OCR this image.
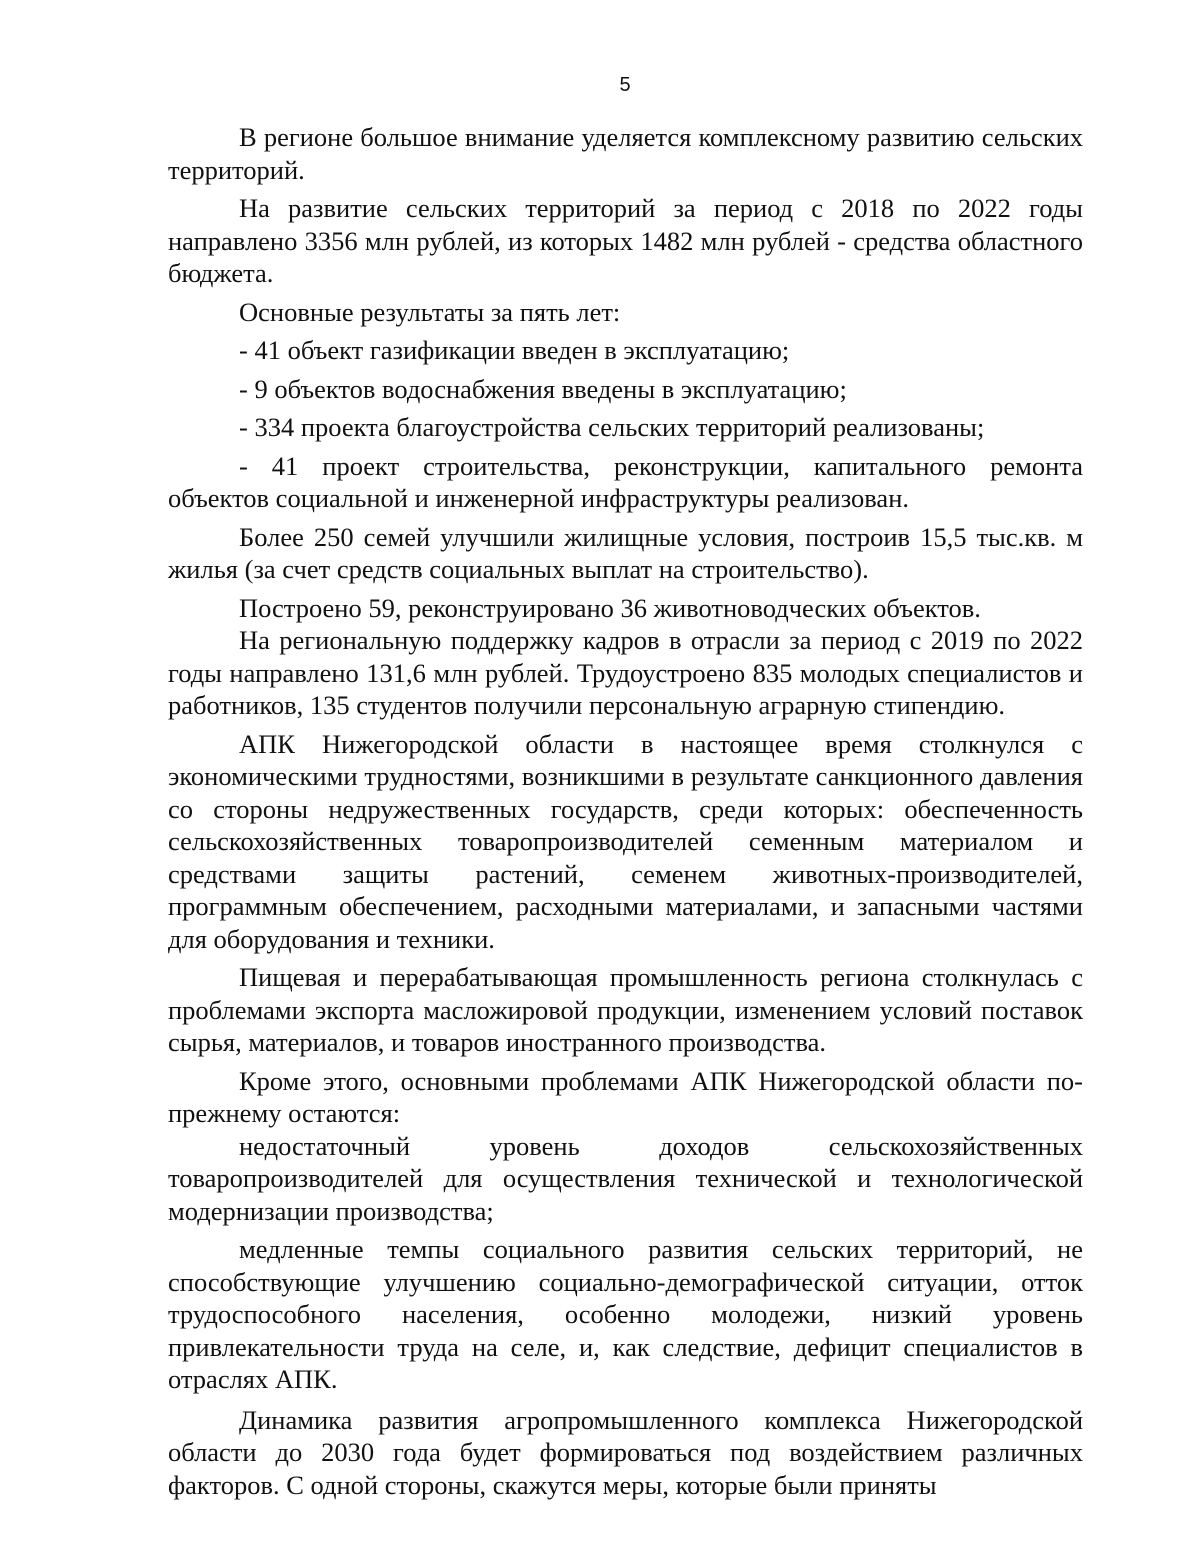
5

В регионе большое внимание уделяется комплексному развитию сельских территорий.

На развитие сельских территорий за период с 2018 по 2022 годы направлено 3356 млн рублей, из которых 1482 млн рублей - средства областного бюджета.

Основные результаты за пять лет:

- 41 объект газификации введен в эксплуатацию;

- 9 объектов водоснабжения введены в эксплуатацию;

- 334 проекта благоустройства сельских территорий реализованы;

- 41 проект строительства, реконструкции, капитального ремонта объектов социальной и инженерной инфраструктуры реализован.

Более 250 семей улучшили жилищные условия, построив 15,5 тыс.кв. м жилья (за счет средств социальных выплат на строительство).

Построено 59, реконструировано 36 животноводческих объектов.

На региональную поддержку кадров в отрасли за период с 2019 по 2022 годы направлено 131,6 млн рублей. Трудоустроено 835 молодых специалистов и работников, 135 студентов получили персональную аграрную стипендию.

АПК Нижегородской области в настоящее время столкнулся с экономическими трудностями, возникшими в результате санкционного давления со стороны недружественных государств, среди которых: обеспеченность сельскохозяйственных товаропроизводителей семенным материалом и средствами защиты растений, семенем животных-производителей, программным обеспечением, расходными материалами, и запасными частями для оборудования и техники.

Пищевая и перерабатывающая промышленность региона столкнулась с проблемами экспорта масложировой продукции, изменением условий поставок сырья, материалов, и товаров иностранного производства.

Кроме этого, основными проблемами АПК Нижегородской области по-прежнему остаются:

недостаточный уровень доходов сельскохозяйственных товаропроизводителей для осуществления технической и технологической модернизации производства;

медленные темпы социального развития сельских территорий, не способствующие улучшению социально-демографической ситуации, отток трудоспособного населения, особенно молодежи, низкий уровень привлекательности труда на селе, и, как следствие, дефицит специалистов в отраслях АПК.

Динамика развития агропромышленного комплекса Нижегородской области до 2030 года будет формироваться под воздействием различных факторов. С одной стороны, скажутся меры, которые были приняты
